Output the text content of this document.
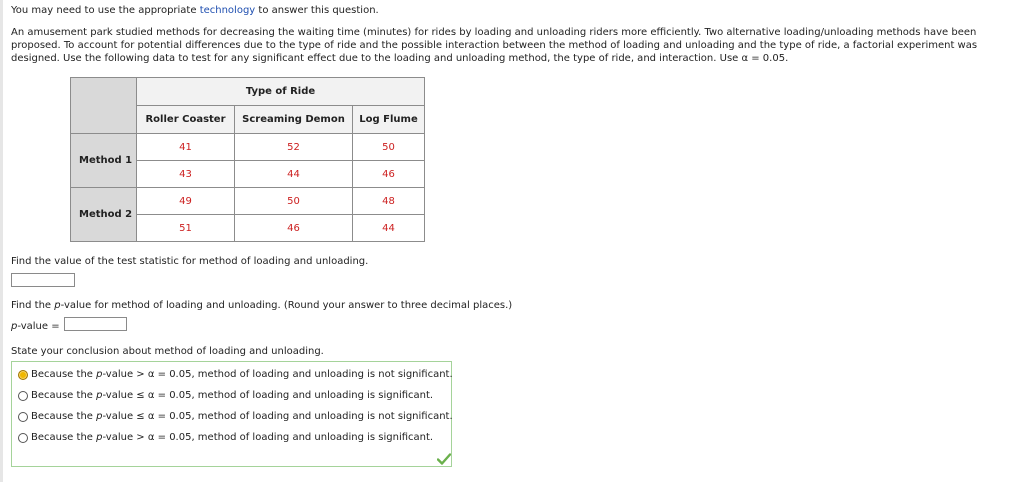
You may need to use the appropriate technology to answer this question.

An amusement park studied methods for decreasing the waiting time (minutes) for rides by loading and unloading riders more efficiently. Two alternative loading/unloading methods have been proposed. To account for potential differences due to the type of ride and the possible interaction between the method of loading and unloading and the type of ride, a factorial experiment was designed. Use the following data to test for any significant effect due to the loading and unloading method, the type of ride, and interaction. Use α = 0.05.

	Type of Ride		
	Roller Coaster	Screaming Demon	Log Flume
Method 1	41	52	50
	43	44	46
Method 2	49	50	48
	51	46	44

Find the value of the test statistic for method of loading and unloading.

Find the p-value for method of loading and unloading. (Round your answer to three decimal places.)

p-value =

State your conclusion about method of loading and unloading.

Because the p-value > α = 0.05, method of loading and unloading is not significant.
Because the p-value ≤ α = 0.05, method of loading and unloading is significant.
Because the p-value ≤ α = 0.05, method of loading and unloading is not significant.
Because the p-value > α = 0.05, method of loading and unloading is significant.
